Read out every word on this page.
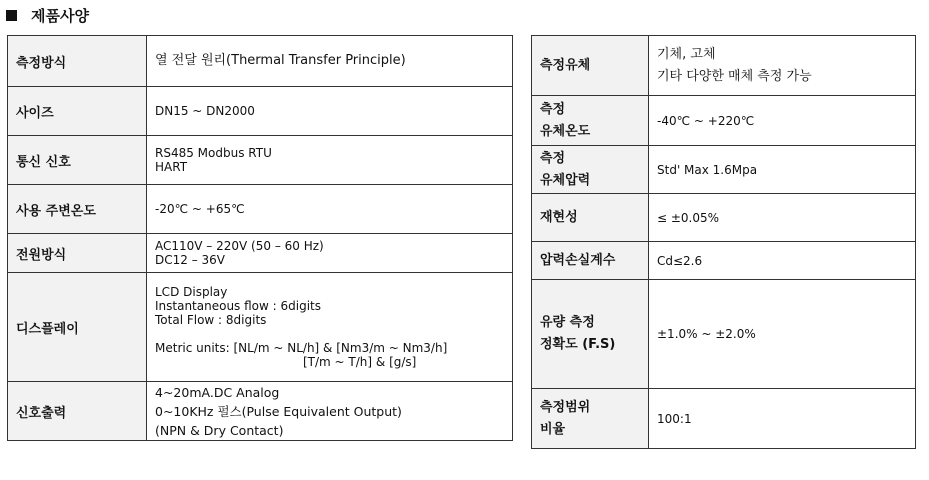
제품사양
측정방식	열 전달 원리(Thermal Transfer Principle)

사이즈	DN15 ~ DN2000

통신 신호	RS485 Modbus RTU
HART

사용 주변온도	-20℃ ~ +65℃

전원방식	AC110V – 220V (50 – 60 Hz)
DC12 – 36V

디스플레이	LCD Display
Instantaneous flow : 6digits
Total Flow : 8digits
Metric units: [NL/m ~ NL/h] & [Nm3/m ~ Nm3/h]
[T/m ~ T/h] & [g/s]

신호출력	4~20mA.DC Analog
0~10KHz 펄스(Pulse Equivalent Output)
(NPN & Dry Contact)
측정유체	기체, 고체
기타 다양한 매체 측정 가능

측정
유체온도	-40℃ ~ +220℃

측정
유체압력	Std' Max 1.6Mpa

재현성	≤ ±0.05%

압력손실계수	Cd≤2.6

유량 측정
정확도 (F.S)	±1.0% ~ ±2.0%

측정범위
비율	100:1
